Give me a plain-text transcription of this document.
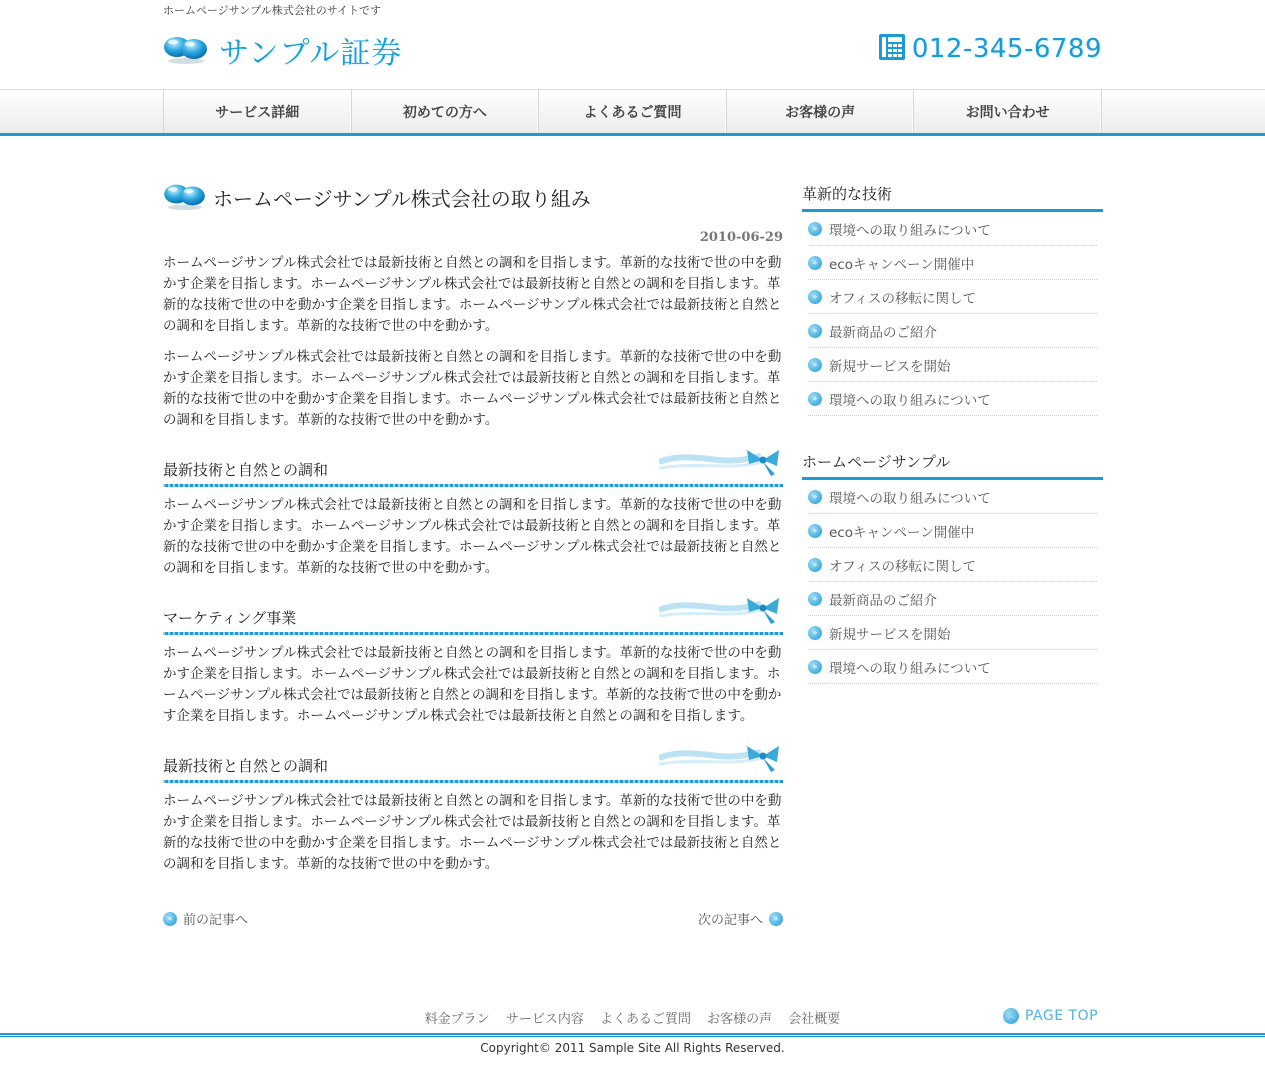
ホームページサンプル株式会社のサイトです
サンプル証券	012-345-6789
サービス詳細	初めての方へ	よくあるご質問	お客様の声	お問い合わせ
ホームページサンプル株式会社の取り組み
2010-06-29

ホームページサンプル株式会社では最新技術と自然との調和を目指します。革新的な技術で世の中を動かす企業を目指します。ホームページサンプル株式会社では最新技術と自然との調和を目指します。革新的な技術で世の中を動かす企業を目指します。ホームページサンプル株式会社では最新技術と自然との調和を目指します。革新的な技術で世の中を動かす。

ホームページサンプル株式会社では最新技術と自然との調和を目指します。革新的な技術で世の中を動かす企業を目指します。ホームページサンプル株式会社では最新技術と自然との調和を目指します。革新的な技術で世の中を動かす企業を目指します。ホームページサンプル株式会社では最新技術と自然との調和を目指します。革新的な技術で世の中を動かす。

最新技術と自然との調和

ホームページサンプル株式会社では最新技術と自然との調和を目指します。革新的な技術で世の中を動かす企業を目指します。ホームページサンプル株式会社では最新技術と自然との調和を目指します。革新的な技術で世の中を動かす企業を目指します。ホームページサンプル株式会社では最新技術と自然との調和を目指します。革新的な技術で世の中を動かす。

マーケティング事業

ホームページサンプル株式会社では最新技術と自然との調和を目指します。革新的な技術で世の中を動かす企業を目指します。ホームページサンプル株式会社では最新技術と自然との調和を目指します。ホームページサンプル株式会社では最新技術と自然との調和を目指します。革新的な技術で世の中を動かす企業を目指します。ホームページサンプル株式会社では最新技術と自然との調和を目指します。

最新技術と自然との調和

ホームページサンプル株式会社では最新技術と自然との調和を目指します。革新的な技術で世の中を動かす企業を目指します。ホームページサンプル株式会社では最新技術と自然との調和を目指します。革新的な技術で世の中を動かす企業を目指します。ホームページサンプル株式会社では最新技術と自然との調和を目指します。革新的な技術で世の中を動かす。

« 前の記事へ	次の記事へ	»
革新的な技術
» 環境への取り組みについて
» ecoキャンペーン開催中
» オフィスの移転に関して
» 最新商品のご紹介
» 新規サービスを開始
» 環境への取り組みについて
ホームページサンプル
» 環境への取り組みについて
» ecoキャンペーン開催中
» オフィスの移転に関して
» 最新商品のご紹介
» 新規サービスを開始
» 環境への取り組みについて
料金プラン サービス内容 よくあるご質問 お客様の声 会社概要	︿ PAGE TOP
Copyright© 2011 Sample Site All Rights Reserved.
